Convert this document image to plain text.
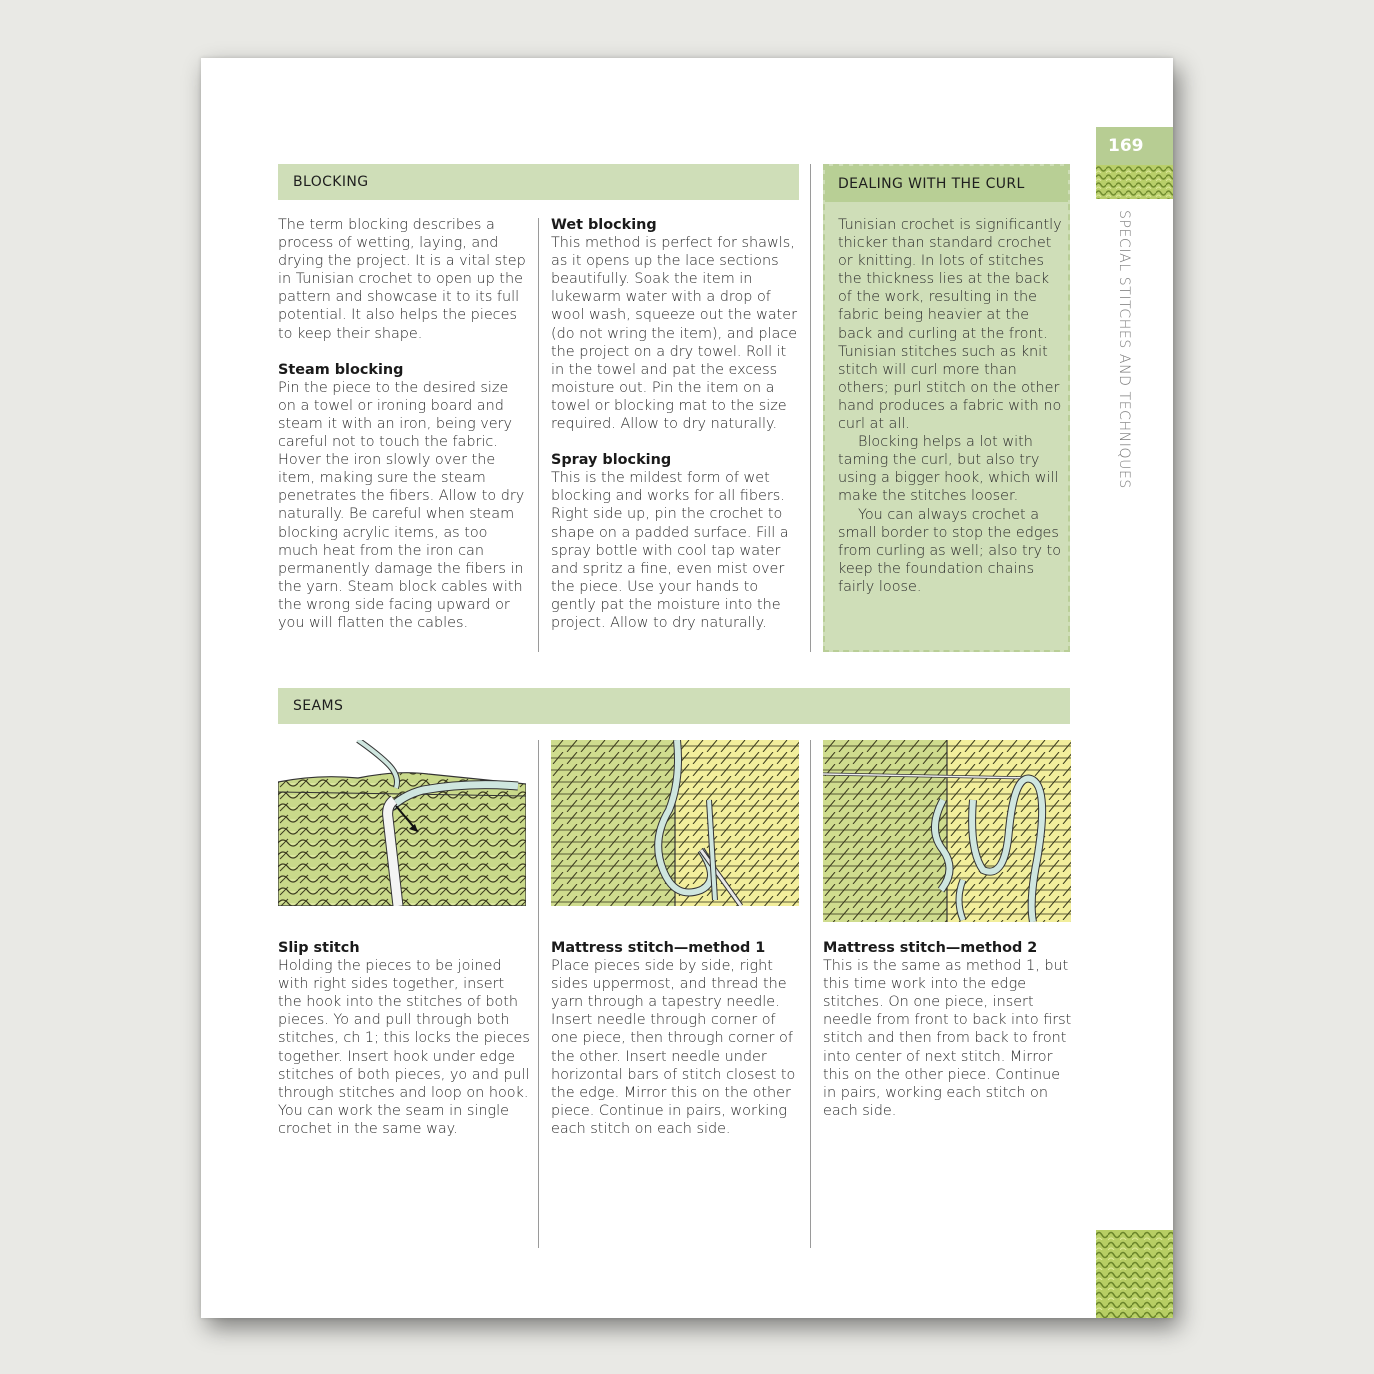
169
SPECIAL STITCHES AND TECHNIQUES
BLOCKING

The term blocking describes a process of wetting, laying, and drying the project. It is a vital step in Tunisian crochet to open up the pattern and showcase it to its full potential. It also helps the pieces to keep their shape.

Steam blocking

Pin the piece to the desired size on a towel or ironing board and steam it with an iron, being very careful not to touch the fabric. Hover the iron slowly over the item, making sure the steam penetrates the fibers. Allow to dry naturally. Be careful when steam blocking acrylic items, as too much heat from the iron can permanently damage the fibers in the yarn. Steam block cables with the wrong side facing upward or you will flatten the cables.

Wet blocking

This method is perfect for shawls, as it opens up the lace sections beautifully. Soak the item in lukewarm water with a drop of wool wash, squeeze out the water (do not wring the item), and place the project on a dry towel. Roll it in the towel and pat the excess moisture out. Pin the item on a towel or blocking mat to the size required. Allow to dry naturally.

Spray blocking

This is the mildest form of wet blocking and works for all fibers. Right side up, pin the crochet to shape on a padded surface. Fill a spray bottle with cool tap water and spritz a fine, even mist over the piece. Use your hands to gently pat the moisture into the project. Allow to dry naturally.

DEALING WITH THE CURL

Tunisian crochet is significantly thicker than standard crochet or knitting. In lots of stitches the thickness lies at the back of the work, resulting in the fabric being heavier at the back and curling at the front. Tunisian stitches such as knit stitch will curl more than others; purl stitch on the other hand produces a fabric with no curl at all.

Blocking helps a lot with taming the curl, but also try using a bigger hook, which will make the stitches looser.

You can always crochet a small border to stop the edges from curling as well; also try to keep the foundation chains fairly loose.

SEAMS

Slip stitch

Holding the pieces to be joined with right sides together, insert the hook into the stitches of both pieces. Yo and pull through both stitches, ch 1; this locks the pieces together. Insert hook under edge stitches of both pieces, yo and pull through stitches and loop on hook. You can work the seam in single crochet in the same way.

Mattress stitch—method 1

Place pieces side by side, right sides uppermost, and thread the yarn through a tapestry needle. Insert needle through corner of one piece, then through corner of the other. Insert needle under horizontal bars of stitch closest to the edge. Mirror this on the other piece. Continue in pairs, working each stitch on each side.

Mattress stitch—method 2

This is the same as method 1, but this time work into the edge stitches. On one piece, insert needle from front to back into first stitch and then from back to front into center of next stitch. Mirror this on the other piece. Continue in pairs, working each stitch on each side.
